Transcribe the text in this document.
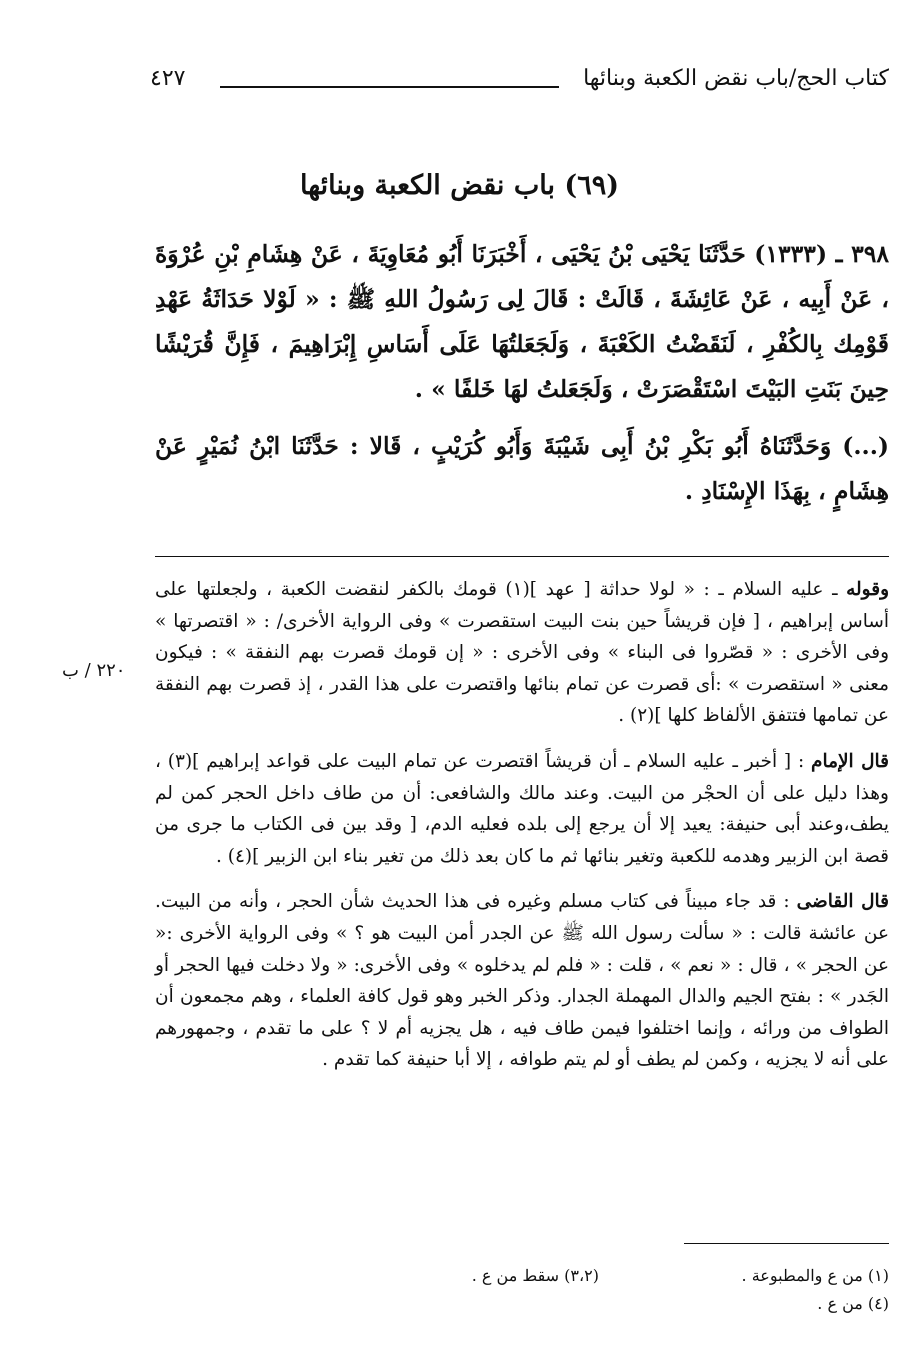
كتاب الحج/باب نقض الكعبة وبنائها
٤٢٧
(٦٩) باب نقض الكعبة وبنائها

٣٩٨ ـ (١٣٣٣) حَدَّثَنَا يَحْيَى بْنُ يَحْيَى ، أَخْبَرَنَا أَبُو مُعَاوِيَةَ ، عَنْ هِشَامِ بْنِ عُرْوَةَ ، عَنْ أَبِيه ، عَنْ عَائِشَةَ ، قَالَتْ : قَالَ لِى رَسُولُ اللهِ ﷺ : « لَوْلا حَدَاثَةُ عَهْدِ قَوْمِك بِالكُفْرِ ، لَنَقَضْتُ الكَعْبَةَ ، وَلَجَعَلتُهَا عَلَى أَسَاسِ إِبْرَاهِيمَ ، فَإِنَّ قُرَيْشًا حِينَ بَنَتِ البَيْتَ اسْتَقْصَرَتْ ، وَلَجَعَلتُ لهَا خَلفًا » .

(...) وَحَدَّثَنَاهُ أَبُو بَكْرِ بْنُ أَبِى شَيْبَةَ وَأَبُو كُرَيْبٍ ، قَالا : حَدَّثَنَا ابْنُ نُمَيْرٍ عَنْ هِشَامٍ ، بِهَذَا الإِسْنَادِ .

٢٢٠ / ب

وقوله ـ عليه السلام ـ : « لولا حداثة [ عهد ](١) قومك بالكفر لنقضت الكعبة ، ولجعلتها على أساس إبراهيم ، [ فإن قريشاً حين بنت البيت استقصرت » وفى الرواية الأخرى/ : « اقتصرتها » وفى الأخرى : « قصّروا فى البناء » وفى الأخرى : « إن قومك قصرت بهم النفقة » : فيكون معنى « استقصرت » :أى قصرت عن تمام بنائها واقتصرت على هذا القدر ، إذ قصرت بهم النفقة عن تمامها فتتفق الألفاظ كلها ](٢) .

قال الإمام : [ أخبر ـ عليه السلام ـ أن قريشاً اقتصرت عن تمام البيت على قواعد إبراهيم ](٣) ، وهذا دليل على أن الحجْر من البيت. وعند مالك والشافعى: أن من طاف داخل الحجر كمن لم يطف،وعند أبى حنيفة: يعيد إلا أن يرجع إلى بلده فعليه الدم، [ وقد بين فى الكتاب ما جرى من قصة ابن الزبير وهدمه للكعبة وتغير بنائها ثم ما كان بعد ذلك من تغير بناء ابن الزبير ](٤) .

قال القاضى : قد جاء مبيناً فى كتاب مسلم وغيره فى هذا الحديث شأن الحجر ، وأنه من البيت. عن عائشة قالت : « سألت رسول الله ﷺ عن الجدر أمن البيت هو ؟ » وفى الرواية الأخرى :« عن الحجر » ، قال : « نعم » ، قلت : « فلم لم يدخلوه » وفى الأخرى: « ولا دخلت فيها الحجر أو الجَدر » : بفتح الجيم والدال المهملة الجدار. وذكر الخبر وهو قول كافة العلماء ، وهم مجمعون أن الطواف من ورائه ، وإنما اختلفوا فيمن طاف فيه ، هل يجزيه أم لا ؟ على ما تقدم ، وجمهورهم على أنه لا يجزيه ، وكمن لم يطف أو لم يتم طوافه ، إلا أبا حنيفة كما تقدم .

(١) من ع والمطبوعة .
(٣،٢) سقط من ع .
(٤) من ع .
